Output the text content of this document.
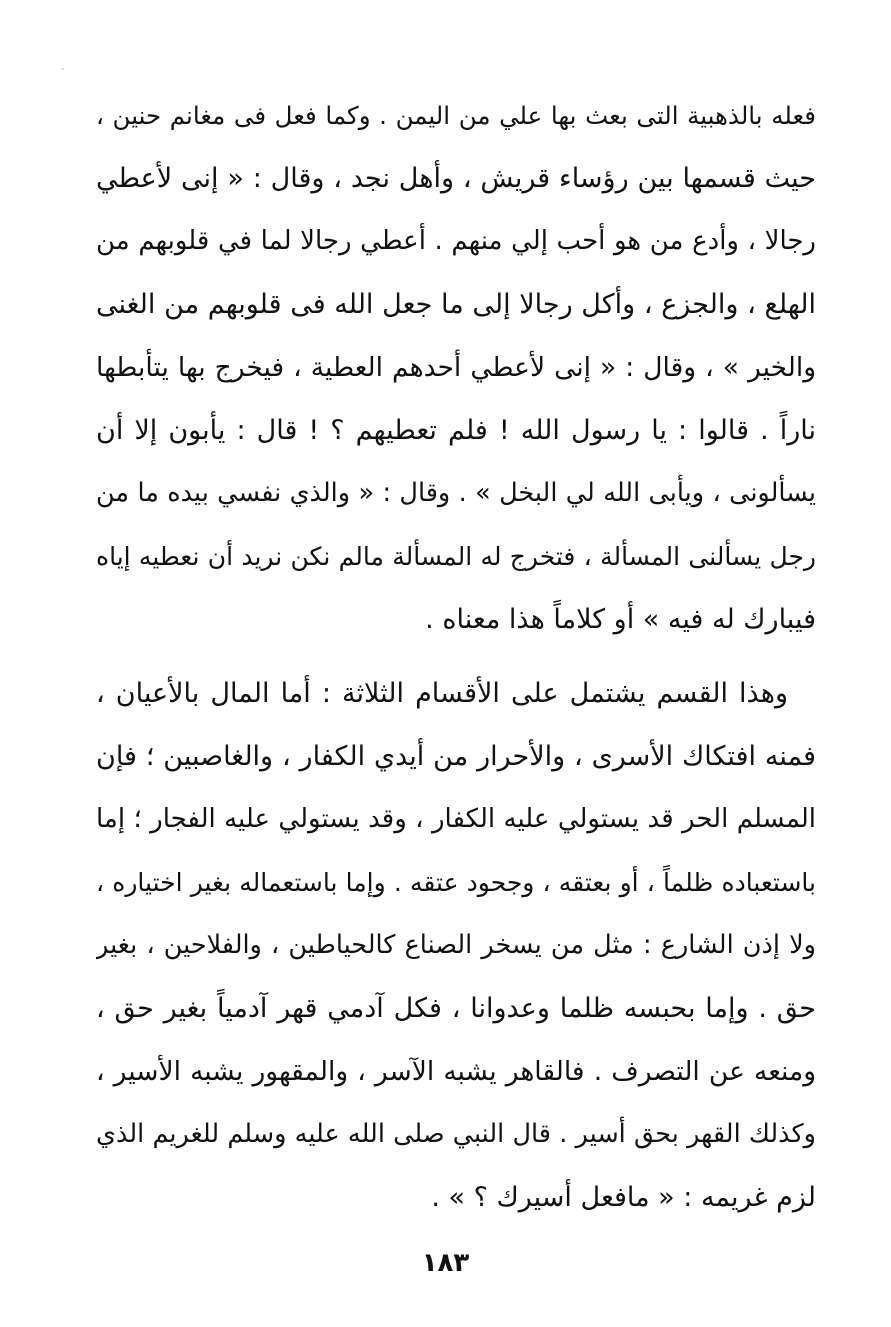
فعله بالذهبية التى بعث بها علي من اليمن . وكما فعل فى مغانم حنين ،
حيث قسمها بين رؤساء قريش ، وأهل نجد ، وقال : « إنى لأعطي
رجالا ، وأدع من هو أحب إلي منهم . أعطي رجالا لما في قلوبهم من
الهلع ، والجزع ، وأكل رجالا إلى ما جعل الله فى قلوبهم من الغنى
والخير » ، وقال : « إنى لأعطي أحدهم العطية ، فيخرج بها يتأبطها
ناراً . قالوا : يا رسول الله ! فلم تعطيهم ؟ ! قال : يأبون إلا أن
يسألونى ، ويأبى الله لي البخل » . وقال : « والذي نفسي بيده ما من
رجل يسألنى المسألة ، فتخرج له المسألة مالم نكن نريد أن نعطيه إياه
فيبارك له فيه » أو كلاماً هذا معناه .
وهذا القسم يشتمل على الأقسام الثلاثة : أما المال بالأعيان ،
فمنه افتكاك الأسرى ، والأحرار من أيدي الكفار ، والغاصبين ؛ فإن
المسلم الحر قد يستولي عليه الكفار ، وقد يستولي عليه الفجار ؛ إما
باستعباده ظلماً ، أو بعتقه ، وجحود عتقه . وإما باستعماله بغير اختياره ،
ولا إذن الشارع : مثل من يسخر الصناع كالحياطين ، والفلاحين ، بغير
حق . وإما بحبسه ظلما وعدوانا ، فكل آدمي قهر آدمياً بغير حق ،
ومنعه عن التصرف . فالقاهر يشبه الآسر ، والمقهور يشبه الأسير ،
وكذلك القهر بحق أسير . قال النبي صلى الله عليه وسلم للغريم الذي
لزم غريمه : « مافعل أسيرك ؟ » .
١٨٣
